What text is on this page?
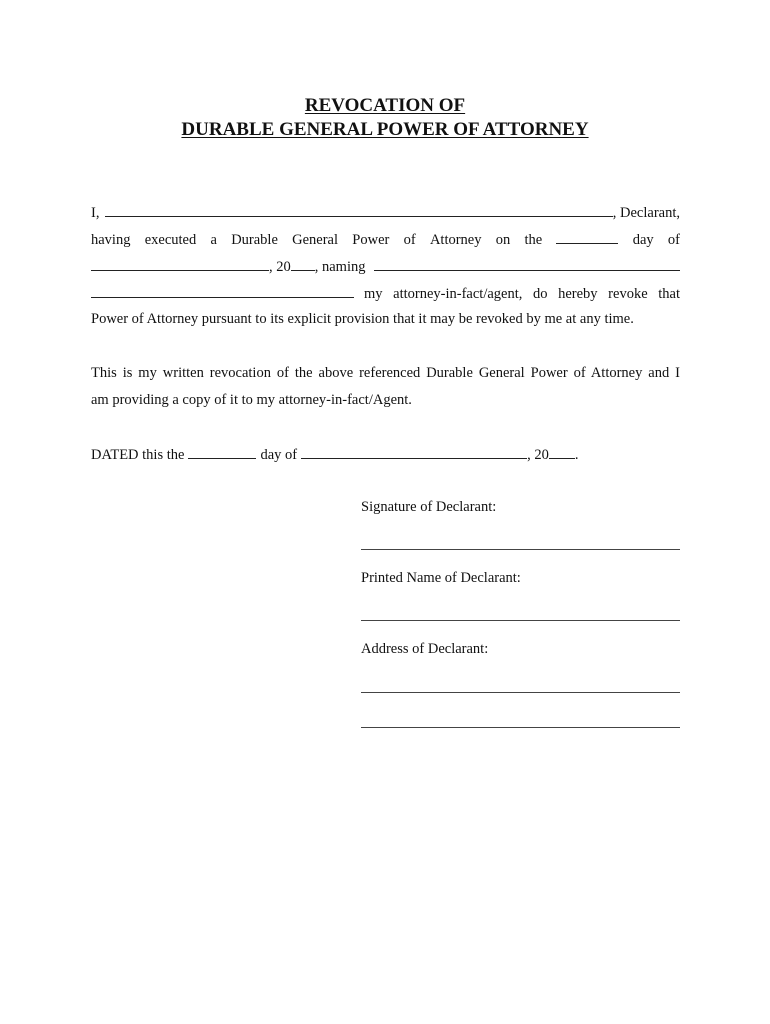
REVOCATION OF
DURABLE GENERAL POWER OF ATTORNEY
I,	, Declarant,
having executed a Durable General Power of Attorney on the	day of
, 20 , naming
my attorney-in-fact/agent, do hereby revoke that
Power of Attorney pursuant to its explicit provision that it may be revoked by me at any time.
This is my written revocation of the above referenced Durable General Power of Attorney and I
am providing a copy of it to my attorney-in-fact/Agent.
DATED this the	day of	, 20 .
Signature of Declarant:
Printed Name of Declarant:
Address of Declarant:
